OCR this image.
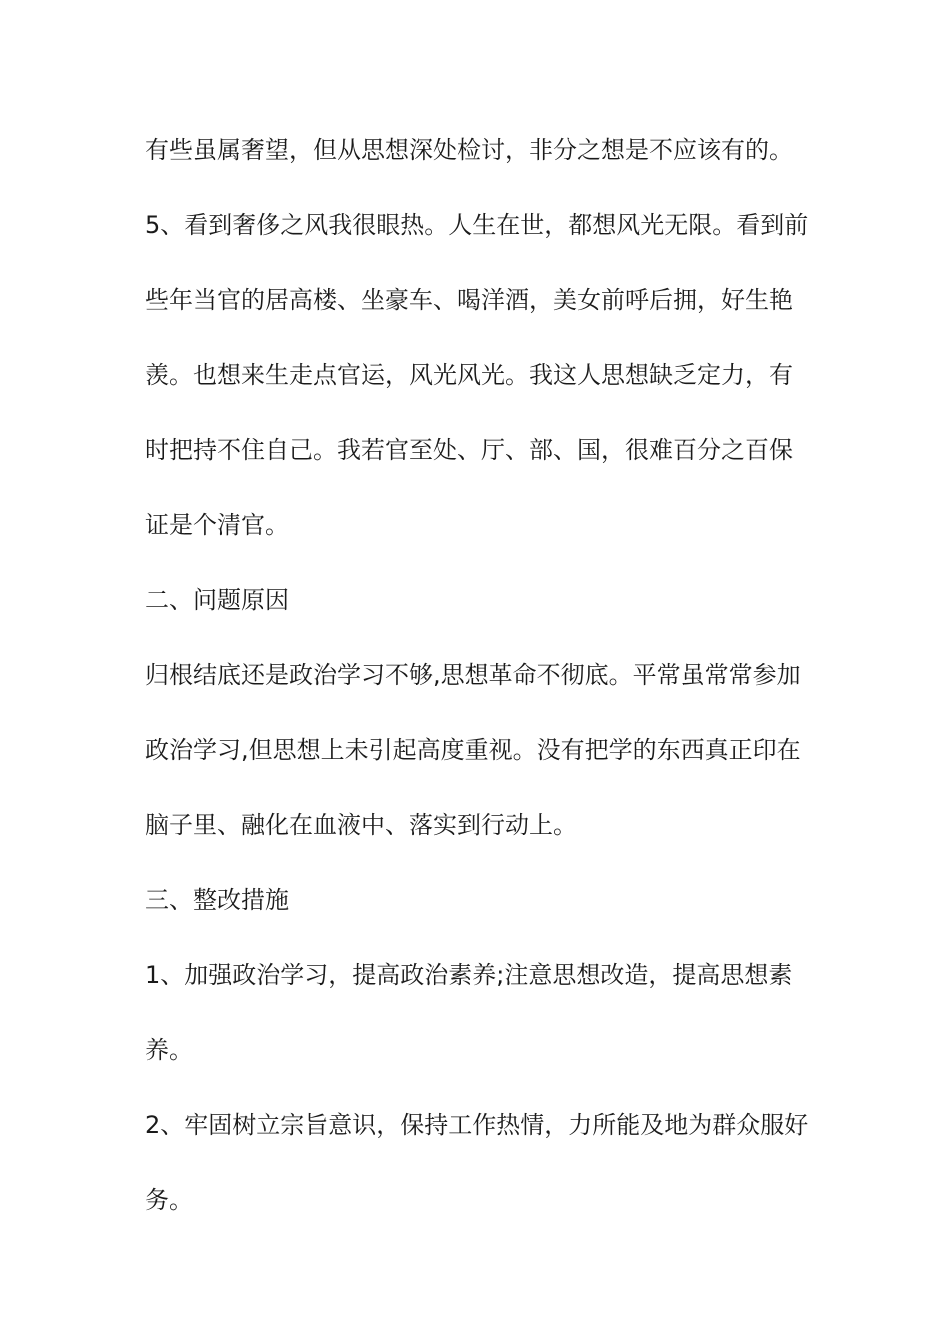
有些虽属奢望，但从思想深处检讨，非分之想是不应该有的。
5、看到奢侈之风我很眼热。人生在世，都想风光无限。看到前
些年当官的居高楼、坐豪车、喝洋酒，美女前呼后拥，好生艳
羡。也想来生走点官运，风光风光。我这人思想缺乏定力，有
时把持不住自己。我若官至处、厅、部、国，很难百分之百保
证是个清官。
二、问题原因
归根结底还是政治学习不够,思想革命不彻底。平常虽常常参加
政治学习,但思想上未引起高度重视。没有把学的东西真正印在
脑子里、融化在血液中、落实到行动上。
三、整改措施
1、加强政治学习，提高政治素养;注意思想改造，提高思想素
养。
2、牢固树立宗旨意识，保持工作热情，力所能及地为群众服好
务。
